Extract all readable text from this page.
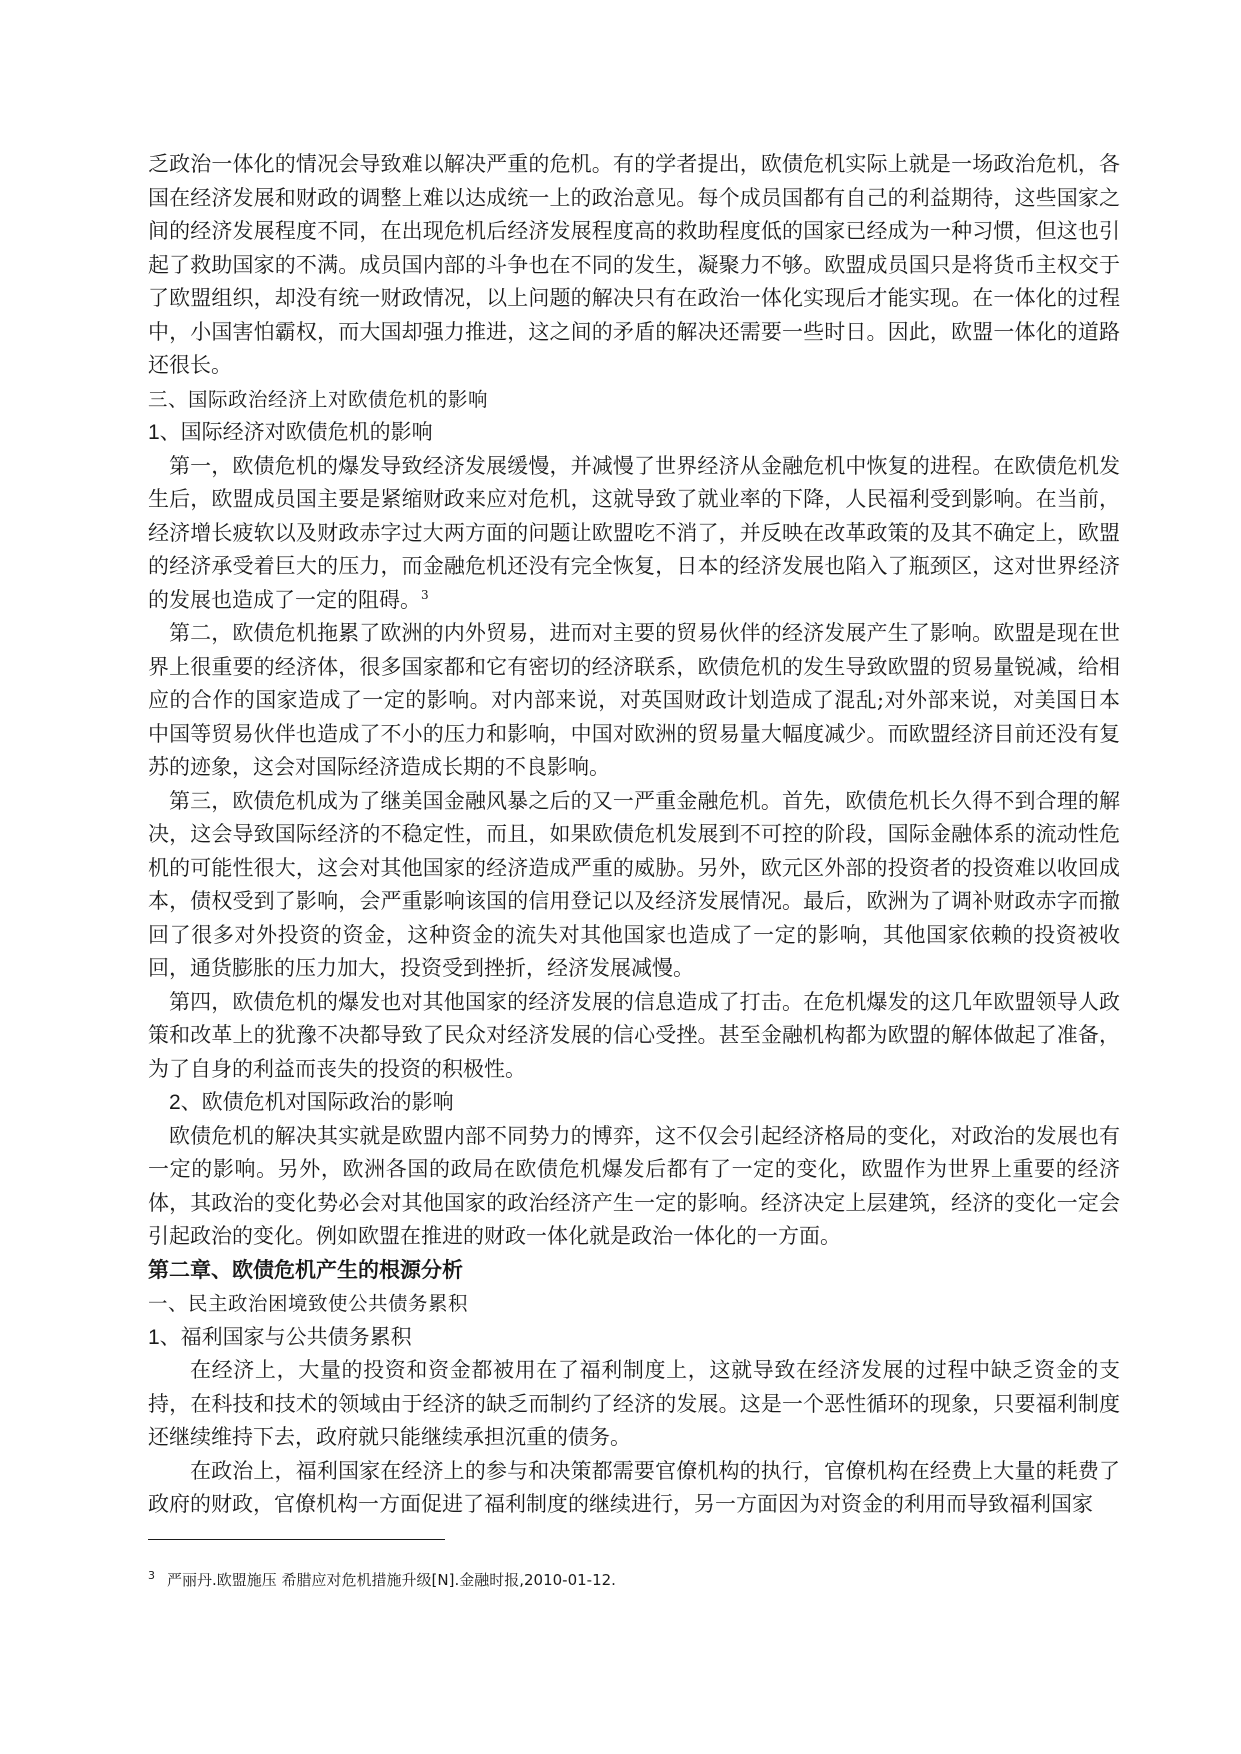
乏政治一体化的情况会导致难以解决严重的危机。有的学者提出，欧债危机实际上就是一场政治危机，各国在经济发展和财政的调整上难以达成统一上的政治意见。每个成员国都有自己的利益期待，这些国家之间的经济发展程度不同，在出现危机后经济发展程度高的救助程度低的国家已经成为一种习惯，但这也引起了救助国家的不满。成员国内部的斗争也在不同的发生，凝聚力不够。欧盟成员国只是将货币主权交于了欧盟组织，却没有统一财政情况，以上问题的解决只有在政治一体化实现后才能实现。在一体化的过程中，小国害怕霸权，而大国却强力推进，这之间的矛盾的解决还需要一些时日。因此，欧盟一体化的道路还很长。

三、国际政治经济上对欧债危机的影响

1、国际经济对欧债危机的影响

第一，欧债危机的爆发导致经济发展缓慢，并减慢了世界经济从金融危机中恢复的进程。在欧债危机发生后，欧盟成员国主要是紧缩财政来应对危机，这就导致了就业率的下降，人民福利受到影响。在当前，经济增长疲软以及财政赤字过大两方面的问题让欧盟吃不消了，并反映在改革政策的及其不确定上，欧盟的经济承受着巨大的压力，而金融危机还没有完全恢复，日本的经济发展也陷入了瓶颈区，这对世界经济的发展也造成了一定的阻碍。$^3$

第二，欧债危机拖累了欧洲的内外贸易，进而对主要的贸易伙伴的经济发展产生了影响。欧盟是现在世界上很重要的经济体，很多国家都和它有密切的经济联系，欧债危机的发生导致欧盟的贸易量锐减，给相应的合作的国家造成了一定的影响。对内部来说，对英国财政计划造成了混乱;对外部来说，对美国日本中国等贸易伙伴也造成了不小的压力和影响，中国对欧洲的贸易量大幅度减少。而欧盟经济目前还没有复苏的迹象，这会对国际经济造成长期的不良影响。

第三，欧债危机成为了继美国金融风暴之后的又一严重金融危机。首先，欧债危机长久得不到合理的解决，这会导致国际经济的不稳定性，而且，如果欧债危机发展到不可控的阶段，国际金融体系的流动性危机的可能性很大，这会对其他国家的经济造成严重的威胁。另外，欧元区外部的投资者的投资难以收回成本，债权受到了影响，会严重影响该国的信用登记以及经济发展情况。最后，欧洲为了调补财政赤字而撤回了很多对外投资的资金，这种资金的流失对其他国家也造成了一定的影响，其他国家依赖的投资被收回，通货膨胀的压力加大，投资受到挫折，经济发展减慢。

第四，欧债危机的爆发也对其他国家的经济发展的信息造成了打击。在危机爆发的这几年欧盟领导人政策和改革上的犹豫不决都导致了民众对经济发展的信心受挫。甚至金融机构都为欧盟的解体做起了准备，为了自身的利益而丧失的投资的积极性。

2、欧债危机对国际政治的影响

欧债危机的解决其实就是欧盟内部不同势力的博弈，这不仅会引起经济格局的变化，对政治的发展也有一定的影响。另外，欧洲各国的政局在欧债危机爆发后都有了一定的变化，欧盟作为世界上重要的经济体，其政治的变化势必会对其他国家的政治经济产生一定的影响。经济决定上层建筑，经济的变化一定会引起政治的变化。例如欧盟在推进的财政一体化就是政治一体化的一方面。

第二章、欧债危机产生的根源分析

一、民主政治困境致使公共债务累积

1、福利国家与公共债务累积

在经济上，大量的投资和资金都被用在了福利制度上，这就导致在经济发展的过程中缺乏资金的支持，在科技和技术的领域由于经济的缺乏而制约了经济的发展。这是一个恶性循环的现象，只要福利制度还继续维持下去，政府就只能继续承担沉重的债务。

在政治上，福利国家在经济上的参与和决策都需要官僚机构的执行，官僚机构在经费上大量的耗费了政府的财政，官僚机构一方面促进了福利制度的继续进行，另一方面因为对资金的利用而导致福利国家

$^3$ 严丽丹.欧盟施压 希腊应对危机措施升级[N].金融时报,2010-01-12.
